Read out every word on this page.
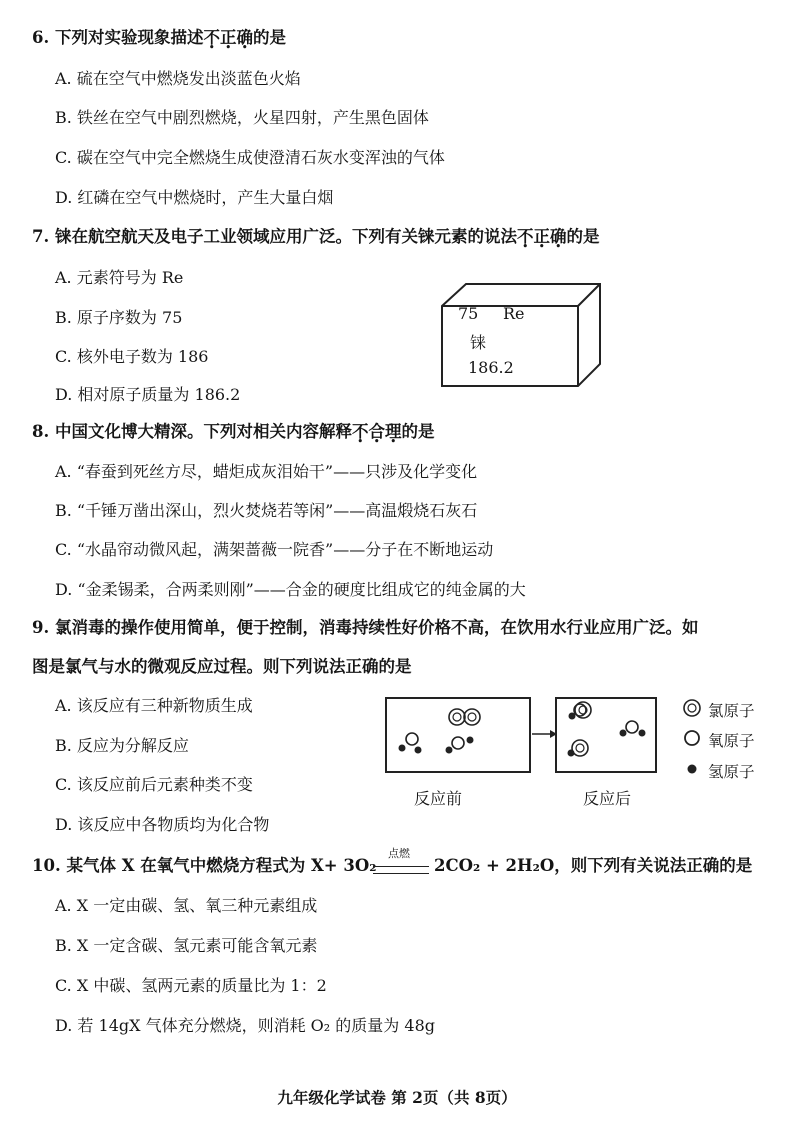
6. 下列对实验现象描述不正确的是
A. 硫在空气中燃烧发出淡蓝色火焰
B. 铁丝在空气中剧烈燃烧，火星四射，产生黑色固体
C. 碳在空气中完全燃烧生成使澄清石灰水变浑浊的气体
D. 红磷在空气中燃烧时，产生大量白烟
7. 铼在航空航天及电子工业领域应用广泛。下列有关铼元素的说法不正确的是
A. 元素符号为 Re
B. 原子序数为 75
C. 核外电子数为 186
D. 相对原子质量为 186.2
75 Re
铼
186.2
8. 中国文化博大精深。下列对相关内容解释不合理的是
A. “春蚕到死丝方尽，蜡炬成灰泪始干”——只涉及化学变化
B. “千锤万凿出深山，烈火焚烧若等闲”——高温煅烧石灰石
C. “水晶帘动微风起，满架蔷薇一院香”——分子在不断地运动
D. “金柔锡柔，合两柔则刚”——合金的硬度比组成它的纯金属的大
9. 氯消毒的操作使用简单，便于控制，消毒持续性好价格不高，在饮用水行业应用广泛。如
图是氯气与水的微观反应过程。则下列说法正确的是
A. 该反应有三种新物质生成
B. 反应为分解反应
C. 该反应前后元素种类不变
D. 该反应中各物质均为化合物
反应前	反应后
氯原子
氧原子
氢原子
10. 某气体 X 在氧气中燃烧方程式为 X+ 3O₂
点燃
2CO₂ + 2H₂O，则下列有关说法正确的是
A. X 一定由碳、氢、氧三种元素组成
B. X 一定含碳、氢元素可能含氧元素
C. X 中碳、氢两元素的质量比为 1：2
D. 若 14gX 气体充分燃烧，则消耗 O₂ 的质量为 48g
九年级化学试卷 第 2页（共 8页）
